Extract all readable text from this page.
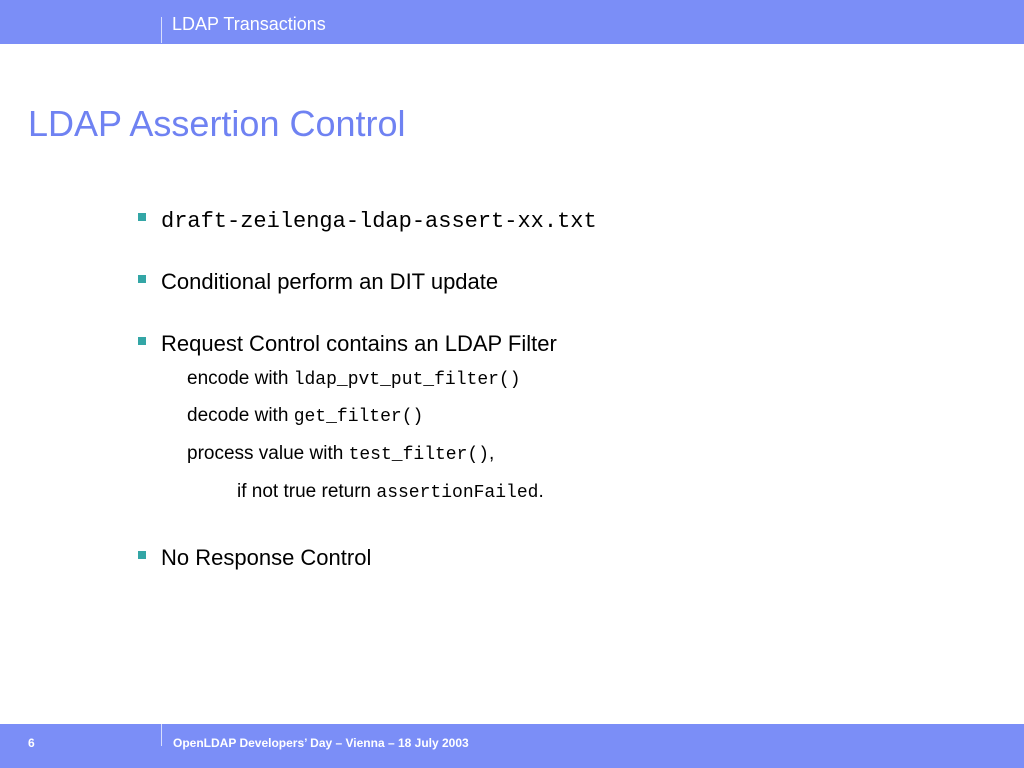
LDAP Transactions
LDAP Assertion Control
draft-zeilenga-ldap-assert-xx.txt
Conditional perform an DIT update
Request Control contains an LDAP Filter
encode with ldap_pvt_put_filter()
decode with get_filter()
process value with test_filter(),
if not true return assertionFailed.
No Response Control
6	OpenLDAP Developers’ Day – Vienna – 18 July 2003
